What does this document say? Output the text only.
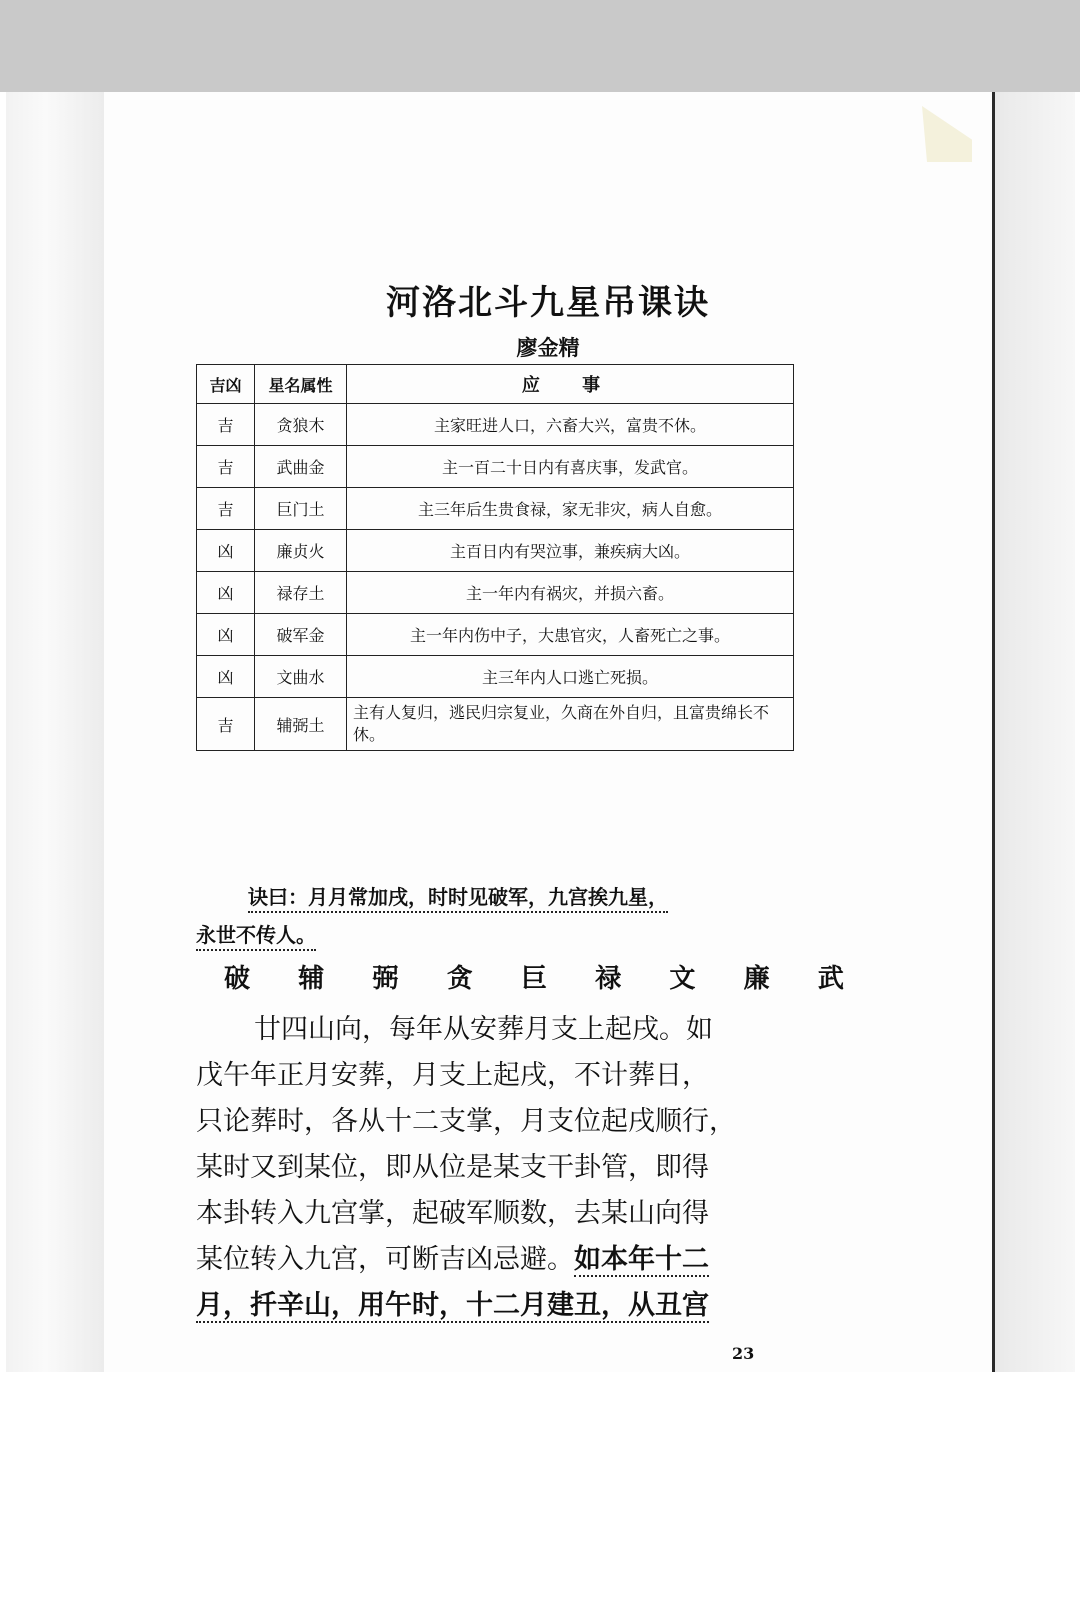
河洛北斗九星吊课诀
廖金精
吉凶	星名属性	应 事
吉	贪狼木	主家旺进人口，六畜大兴，富贵不休。
吉	武曲金	主一百二十日内有喜庆事，发武官。
吉	巨门土	主三年后生贵食禄，家无非灾，病人自愈。
凶	廉贞火	主百日内有哭泣事，兼疾病大凶。
凶	禄存土	主一年内有祸灾，并损六畜。
凶	破军金	主一年内伤中子，大患官灾，人畜死亡之事。
凶	文曲水	主三年内人口逃亡死损。
吉	辅弼土	主有人复归，逃民归宗复业，久商在外自归，且富贵绵长不休。
诀曰：月月常加戌，时时见破军，九宫挨九星，
永世不传人。
破 辅 弼 贪 巨 禄 文 廉 武
廿四山向，每年从安葬月支上起戌。如
戊午年正月安葬，月支上起戌，不计葬日，
只论葬时，各从十二支掌，月支位起戌顺行，
某时又到某位，即从位是某支干卦管，即得
本卦转入九宫掌，起破军顺数，去某山向得
某位转入九宫，可断吉凶忌避。如本年十二
月，扦辛山，用午时，十二月建丑，从丑宫
23
